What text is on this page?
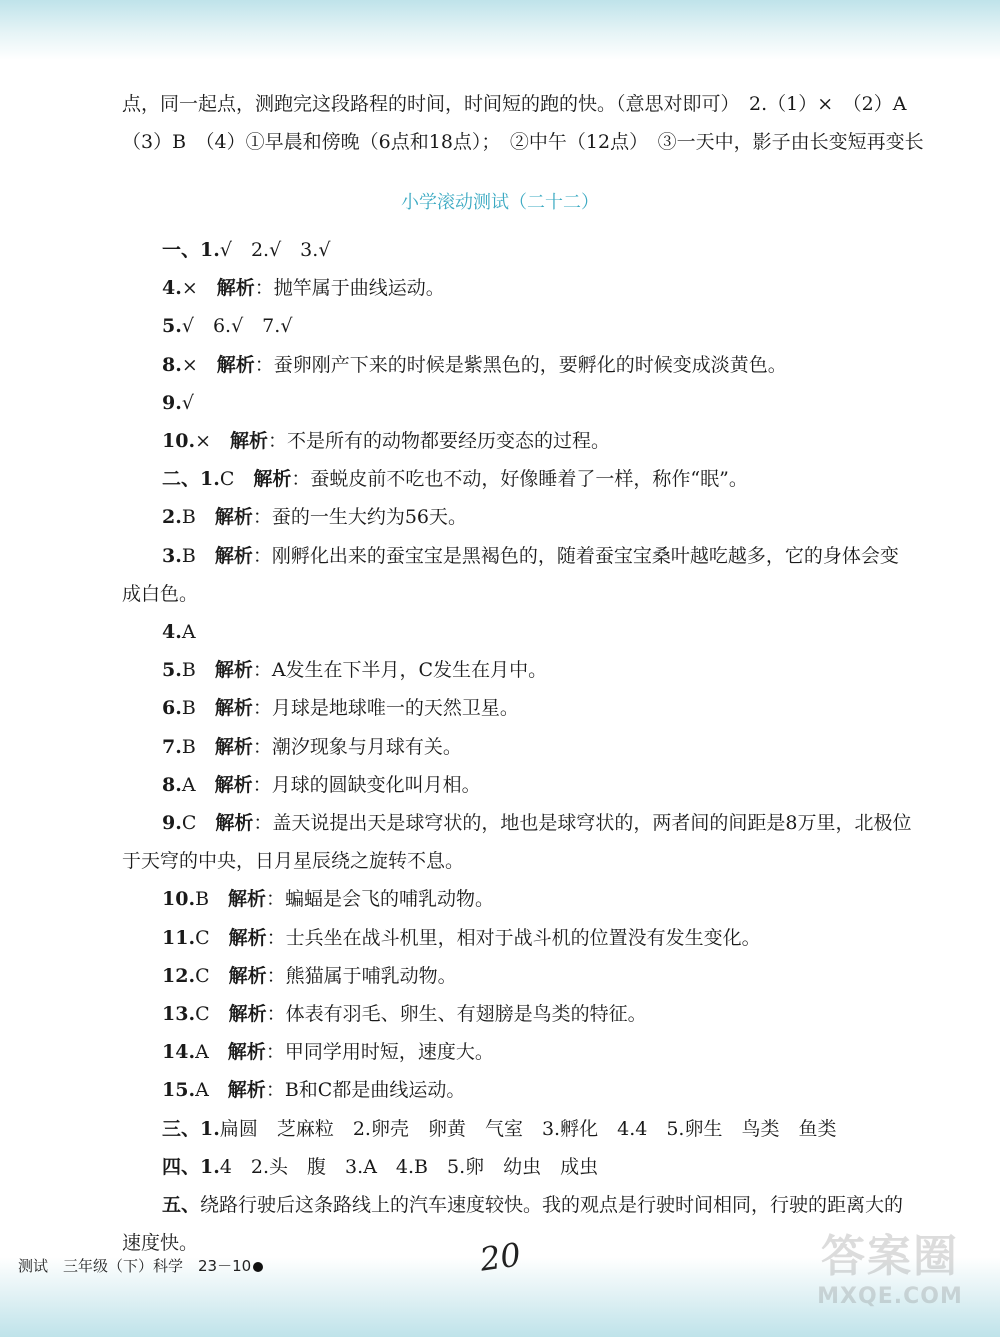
点，同一起点，测跑完这段路程的时间，时间短的跑的快。（意思对即可）　2.（1）×　（2）A
（3）B　（4）①早晨和傍晚（6点和18点）；　②中午（12点）　③一天中，影子由长变短再变长
小学滚动测试（二十二）
一、1.√　2.√　3.√
4.×　解析：抛竿属于曲线运动。
5.√　6.√　7.√
8.×　解析：蚕卵刚产下来的时候是紫黑色的，要孵化的时候变成淡黄色。
9.√
10.×　解析：不是所有的动物都要经历变态的过程。
二、1.C　解析：蚕蜕皮前不吃也不动，好像睡着了一样，称作“眠”。
2.B　解析：蚕的一生大约为56天。
3.B　解析：刚孵化出来的蚕宝宝是黑褐色的，随着蚕宝宝桑叶越吃越多，它的身体会变
成白色。
4.A
5.B　解析：A发生在下半月，C发生在月中。
6.B　解析：月球是地球唯一的天然卫星。
7.B　解析：潮汐现象与月球有关。
8.A　解析：月球的圆缺变化叫月相。
9.C　解析：盖天说提出天是球穹状的，地也是球穹状的，两者间的间距是8万里，北极位
于天穹的中央，日月星辰绕之旋转不息。
10.B　解析：蝙蝠是会飞的哺乳动物。
11.C　解析：士兵坐在战斗机里，相对于战斗机的位置没有发生变化。
12.C　解析：熊猫属于哺乳动物。
13.C　解析：体表有羽毛、卵生、有翅膀是鸟类的特征。
14.A　解析：甲同学用时短，速度大。
15.A　解析：B和C都是曲线运动。
三、1.扁圆　芝麻粒　2.卵壳　卵黄　气室　3.孵化　4.4　5.卵生　鸟类　鱼类
四、1.4　2.头　腹　3.A　4.B　5.卵　幼虫　成虫
五、绕路行驶后这条路线上的汽车速度较快。我的观点是行驶时间相同，行驶的距离大的
速度快。
测试　三年级（下）科学　23－10	20	答案圈
MXQE.COM
